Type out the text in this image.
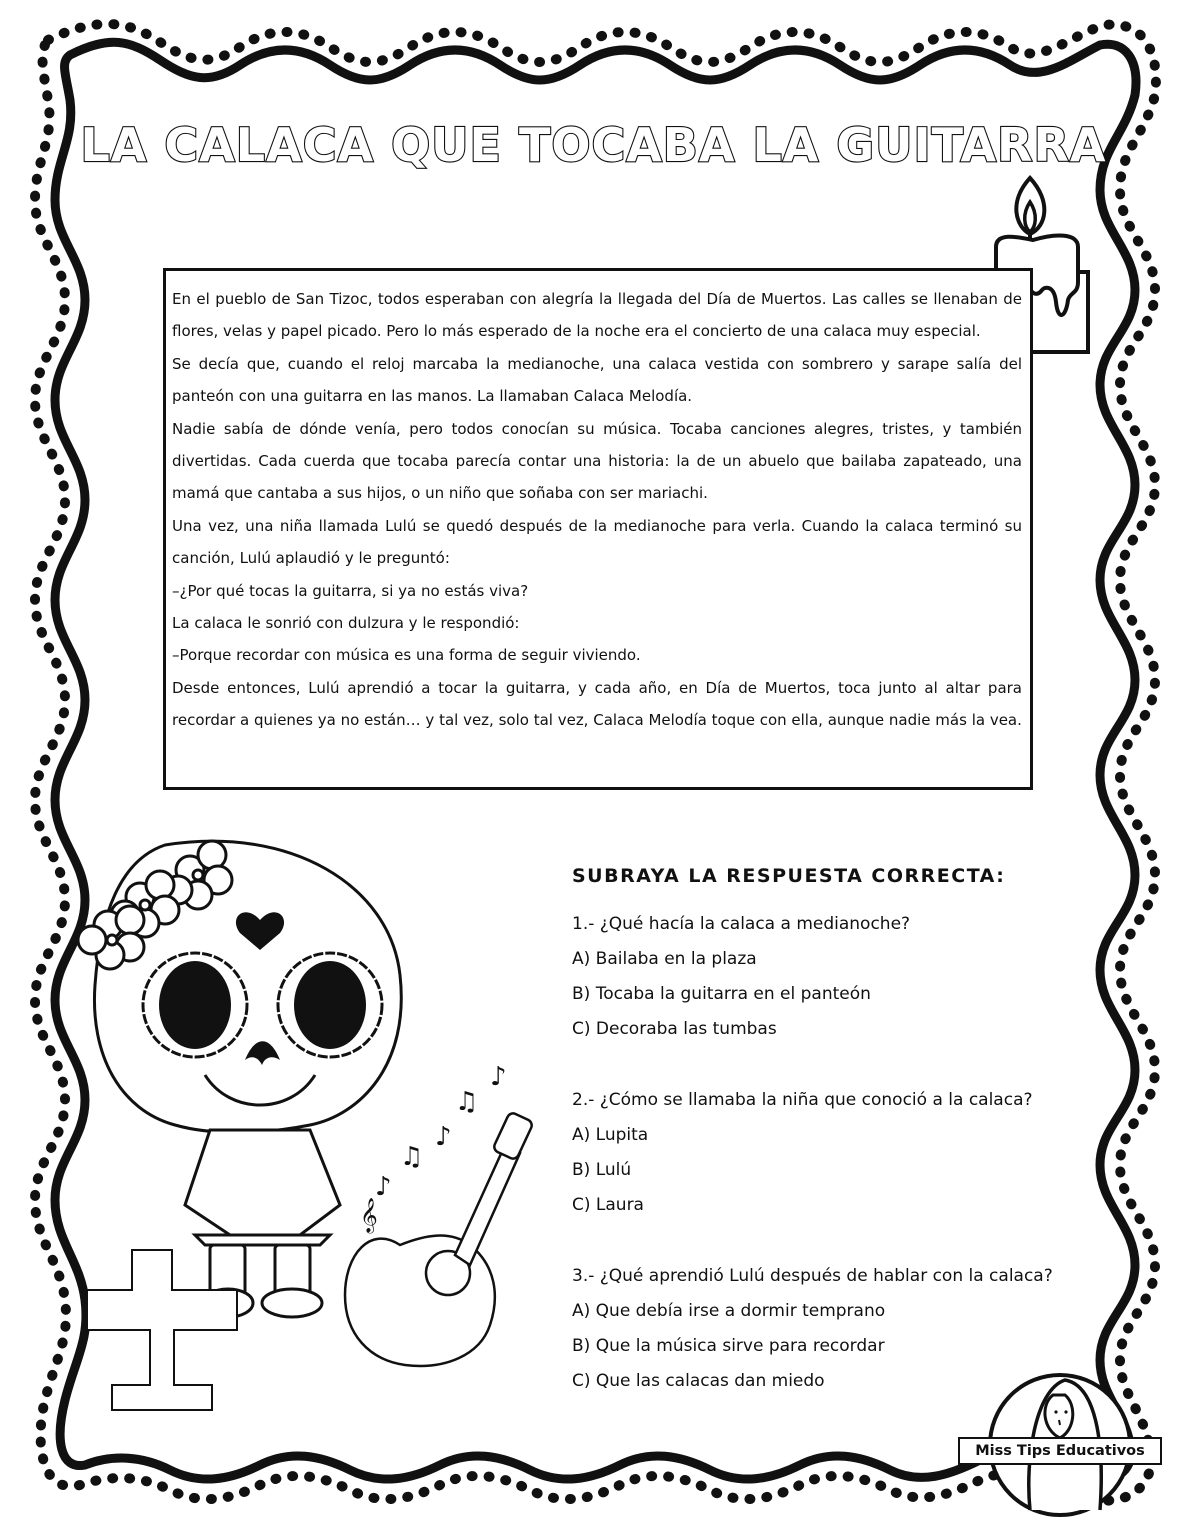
LA CALACA QUE TOCABA LA GUITARRA

En el pueblo de San Tizoc, todos esperaban con alegría la llegada del Día de Muertos. Las calles se llenaban de flores, velas y papel picado. Pero lo más esperado de la noche era el concierto de una calaca muy especial.

Se decía que, cuando el reloj marcaba la medianoche, una calaca vestida con sombrero y sarape salía del panteón con una guitarra en las manos. La llamaban Calaca Melodía.

Nadie sabía de dónde venía, pero todos conocían su música. Tocaba canciones alegres, tristes, y también divertidas. Cada cuerda que tocaba parecía contar una historia: la de un abuelo que bailaba zapateado, una mamá que cantaba a sus hijos, o un niño que soñaba con ser mariachi.

Una vez, una niña llamada Lulú se quedó después de la medianoche para verla. Cuando la calaca terminó su canción, Lulú aplaudió y le preguntó:

–¿Por qué tocas la guitarra, si ya no estás viva?

La calaca le sonrió con dulzura y le respondió:

–Porque recordar con música es una forma de seguir viviendo.

Desde entonces, Lulú aprendió a tocar la guitarra, y cada año, en Día de Muertos, toca junto al altar para recordar a quienes ya no están… y tal vez, solo tal vez, Calaca Melodía toque con ella, aunque nadie más la vea.

♪
♫
♪
♫
♪
𝄞
SUBRAYA LA RESPUESTA CORRECTA:
1.- ¿Qué hacía la calaca a medianoche?
A) Bailaba en la plaza
B) Tocaba la guitarra en el panteón
C) Decoraba las tumbas
2.- ¿Cómo se llamaba la niña que conoció a la calaca?
A) Lupita
B) Lulú
C) Laura
3.- ¿Qué aprendió Lulú después de hablar con la calaca?
A) Que debía irse a dormir temprano
B) Que la música sirve para recordar
C) Que las calacas dan miedo
Miss Tips Educativos
